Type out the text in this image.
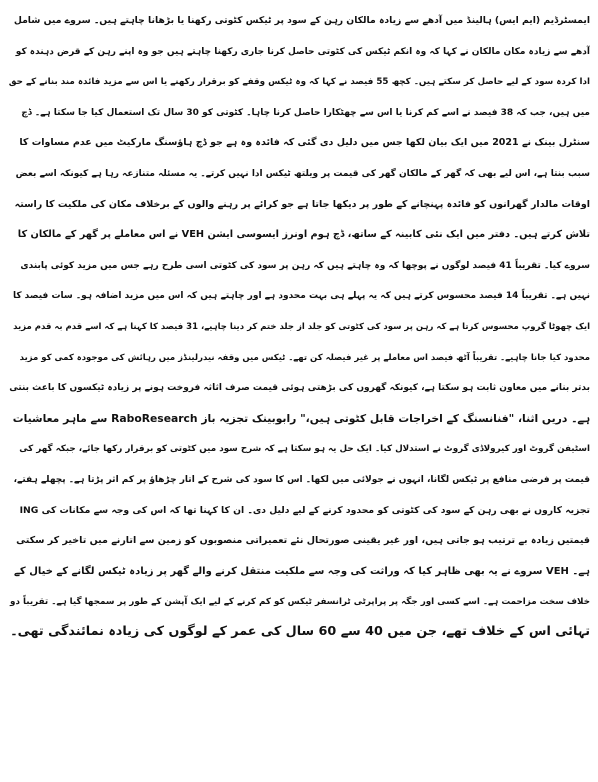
ایمسٹرڈیم (ایم ایس) ہالینڈ میں آدھے سے زیادہ مالکان رہن کے سود پر ٹیکس کٹوتی رکھنا یا بڑھانا چاہتے ہیں۔ سروے میں شامل
آدھے سے زیادہ مکان مالکان نے کہا کہ وہ انکم ٹیکس کی کٹوتی حاصل کرنا جاری رکھنا چاہتے ہیں جو وہ اپنے رہن کے قرض دہندہ کو
ادا کردہ سود کے لیے حاصل کر سکتے ہیں۔ کچھ 55 فیصد نے کہا کہ وہ ٹیکس وقفے کو برقرار رکھنے یا اس سے مزید فائدہ مند بنانے کے حق
میں ہیں، جب کہ 38 فیصد نے اسے کم کرنا یا اس سے چھٹکارا حاصل کرنا چاہا۔ کٹوتی کو 30 سال تک استعمال کیا جا سکتا ہے۔ ڈچ
سنٹرل بینک نے 2021 میں ایک بیان لکھا جس میں دلیل دی گئی کہ فائدہ وہ ہے جو ڈچ ہاؤسنگ مارکیٹ میں عدم مساوات کا
سبب بنتا ہے، اس لیے بھی کہ گھر کے مالکان گھر کی قیمت پر ویلتھ ٹیکس ادا نہیں کرتے۔ یہ مسئلہ متنازعہ رہا ہے کیونکہ اسے بعض
اوقات مالدار گھرانوں کو فائدہ پہنچانے کے طور پر دیکھا جاتا ہے جو کرائے پر رہنے والوں کے برخلاف مکان کی ملکیت کا راستہ
تلاش کرتے ہیں۔ دفتر میں ایک نئی کابینہ کے ساتھ، ڈچ ہوم اونرز ایسوسی ایشن VEH نے اس معاملے پر گھر کے مالکان کا
سروے کیا۔ تقریباً 41 فیصد لوگوں نے پوچھا کہ وہ چاہتے ہیں کہ رہن پر سود کی کٹوتی اسی طرح رہے جس میں مزید کوئی پابندی
نہیں ہے۔ تقریباً 14 فیصد محسوس کرتے ہیں کہ یہ پہلے ہی بہت محدود ہے اور چاہتے ہیں کہ اس میں مزید اضافہ ہو۔ سات فیصد کا
ایک چھوٹا گروپ محسوس کرتا ہے کہ رہن پر سود کی کٹوتی کو جلد از جلد ختم کر دینا چاہیے، 31 فیصد کا کہنا ہے کہ اسے قدم بہ قدم مزید
محدود کیا جانا چاہیے۔ تقریباً آٹھ فیصد اس معاملے پر غیر فیصلہ کن تھے۔ ٹیکس میں وقفہ نیدرلینڈز میں رہائش کی موجودہ کمی کو مزید
بدتر بنانے میں معاون ثابت ہو سکتا ہے، کیونکہ گھروں کی بڑھتی ہوئی قیمت صرف اثاثہ فروخت ہونے پر زیادہ ٹیکسوں کا باعث بنتی
ہے۔ دریں اثنا، "فنانسنگ کے اخراجات قابل کٹوتی ہیں،" رابوبینک تجزیہ باز RaboResearch سے ماہر معاشیات
اسٹیفن گروٹ اور کیرولاڈی گروٹ نے استدلال کیا۔ ایک حل یہ ہو سکتا ہے کہ شرح سود میں کٹوتی کو برقرار رکھا جائے، جبکہ گھر کی
قیمت پر فرضی منافع پر ٹیکس لگانا، انہوں نے جولائی میں لکھا۔ اس کا سود کی شرح کے اتار چڑھاؤ پر کم اثر پڑتا ہے۔ پچھلے ہفتے،
ING تجزیہ کاروں نے بھی رہن کے سود کی کٹوتی کو محدود کرنے کے لیے دلیل دی۔ ان کا کہنا تھا کہ اس کی وجہ سے مکانات کی
قیمتیں زیادہ بے ترتیب ہو جاتی ہیں، اور غیر یقینی صورتحال نئے تعمیراتی منصوبوں کو زمین سے اتارنے میں تاخیر کر سکتی
ہے۔ VEH سروے نے یہ بھی ظاہر کیا کہ وراثت کی وجہ سے ملکیت منتقل کرنے والے گھر پر زیادہ ٹیکس لگانے کے خیال کے
خلاف سخت مزاحمت ہے۔ اسے کسی اور جگہ پر پراپرٹی ٹرانسفر ٹیکس کو کم کرنے کے لیے ایک آپشن کے طور پر سمجھا گیا ہے۔ تقریباً دو
تہائی اس کے خلاف تھے، جن میں 40 سے 60 سال کی عمر کے لوگوں کی زیادہ نمائندگی تھی۔
